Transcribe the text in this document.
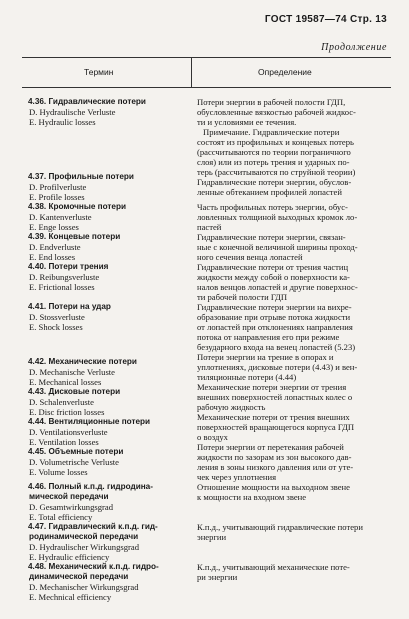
ГОСТ 19587—74 Стр. 13
Продолжение
Термин	Определение
4.36. Гидравлические потери
D. Hydraulische Verluste
E. Hydraulic losses
4.37. Профильные потери
D. Profilverluste
E. Profile losses
4.38. Кромочные потери
D. Kantenverluste
E. Enge losses
4.39. Концевые потери
D. Endverluste
E. End losses
4.40. Потери трения
D. Reibungsverluste
E. Frictional losses
4.41. Потери на удар
D. Stossverluste
E. Shock losses
4.42. Механические потери
D. Mechanische Verluste
E. Mechanical losses
4.43. Дисковые потери
D. Schalenverluste
E. Disc friction losses
4.44. Вентиляционные потери
D. Ventilationsverluste
E. Ventilation losses
4.45. Объемные потери
D. Volumetrische Verluste
E. Volume losses
4.46. Полный к.п.д. гидродина-
мической передачи
D. Gesamtwirkungsgrad
E. Total efficiency
4.47. Гидравлический к.п.д. гид-
родинамической передачи
D. Hydraulischer Wirkungsgrad
E. Hydraulic efficiency
4.48. Механический к.п.д. гидро-
динамической передачи
D. Mechanischer Wirkungsgrad
E. Mechnical efficiency
Потери энергии в рабочей полости ГДП,
обусловленные вязкостью рабочей жидкос-
ти и условиями ее течения.
Примечание. Гидравлические потери
состоят из профильных и концевых потерь
(рассчитываются по теории пограничного
слоя) или из потерь трения и ударных по-
терь (рассчитываются по струйной теории)
Гидравлические потери энергии, обуслов-
ленные обтеканием профилей лопастей
Часть профильных потерь энергии, обус-
ловленных толщиной выходных кромок ло-
пастей
Гидравлические потери энергии, связан-
ные с конечной величиной ширины проход-
ного сечения венца лопастей
Гидравлические потери от трения частиц
жидкости между собой о поверхности ка-
налов венцов лопастей и другие поверхнос-
ти рабочей полости ГДП
Гидравлические потери энергии на вихре-
образование при отрыве потока жидкости
от лопастей при отклонениях направления
потока от направления его при режиме
безударного входа на венец лопастей (5.23)
Потери энергии на трение в опорах и
уплотнениях, дисковые потери (4.43) и вен-
тиляционные потери (4.44)
Механические потери энергии от трения
внешних поверхностей лопастных колес о
рабочую жидкость
Механические потери от трения внешних
поверхностей вращающегося корпуса ГДП
о воздух
Потери энергии от перетекания рабочей
жидкости по зазорам из зон высокого дав-
ления в зоны низкого давления или от уте-
чек через уплотнения
Отношение мощности на выходном звене
к мощности на входном звене
К.п.д., учитывающий гидравлические потери
энергии
К.п.д., учитывающий механические поте-
ри энергии
